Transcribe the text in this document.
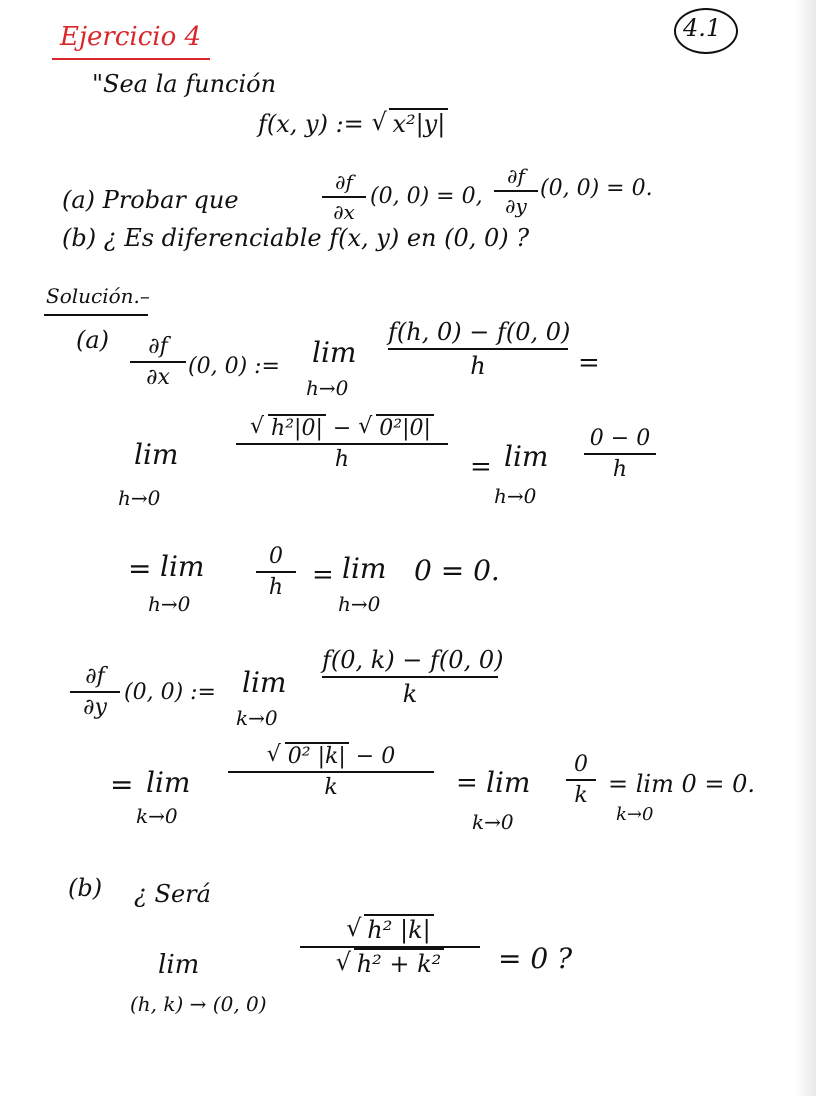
Ejercicio 4	4.1
"Sea la función
f(x, y) := √ x²|y|
(a) Probar que
∂f
∂x
(0, 0) = 0,
∂f
∂y
(0, 0) = 0.
(b) ¿ Es diferenciable f(x, y) en (0, 0) ?
Solución.–
(a)	∂f
∂x (0, 0) := lim
h→0
f(h, 0) − f(0, 0)
h	=
lim
h→0
√ h²|0| − √ 0²|0|
h	= lim
h→0
0 − 0
h
= lim
h→0
0
h	= lim
h→0
0 = 0.
∂f
∂y
(0, 0) := lim
k→0
f(0, k) − f(0, 0)
k
= lim
k→0
√ 0² |k| − 0
k	= lim
k→0
0
k = lim 0 = 0.
k→0
(b) ¿ Será
lim
(h, k) → (0, 0)
√ h² |k|
√ h² + k²	= 0 ?
